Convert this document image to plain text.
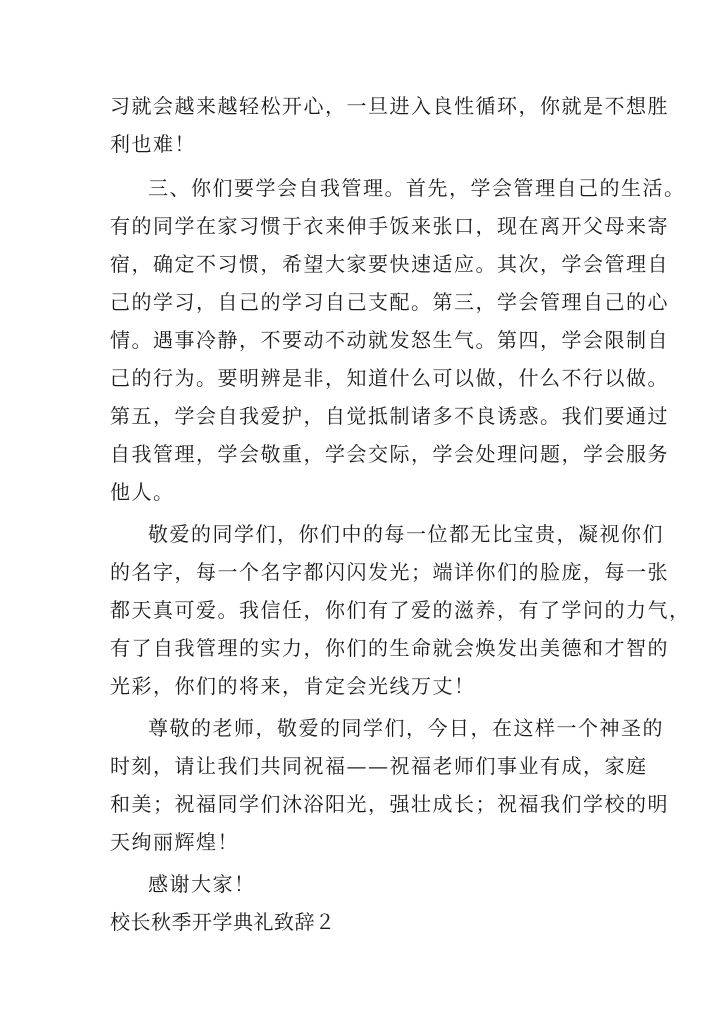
习就会越来越轻松开心，一旦进入良性循环，你就是不想胜
利也难！
三、你们要学会自我管理。首先，学会管理自己的生活。
有的同学在家习惯于衣来伸手饭来张口，现在离开父母来寄
宿，确定不习惯，希望大家要快速适应。其次，学会管理自
己的学习，自己的学习自己支配。第三，学会管理自己的心
情。遇事冷静，不要动不动就发怒生气。第四，学会限制自
己的行为。要明辨是非，知道什么可以做，什么不行以做。
第五，学会自我爱护，自觉抵制诸多不良诱惑。我们要通过
自我管理，学会敬重，学会交际，学会处理问题，学会服务
他人。
敬爱的同学们，你们中的每一位都无比宝贵，凝视你们
的名字，每一个名字都闪闪发光；端详你们的脸庞，每一张
都天真可爱。我信任，你们有了爱的滋养，有了学问的力气，
有了自我管理的实力，你们的生命就会焕发出美德和才智的
光彩，你们的将来，肯定会光线万丈！
尊敬的老师，敬爱的同学们，今日，在这样一个神圣的
时刻，请让我们共同祝福——祝福老师们事业有成，家庭
和美；祝福同学们沐浴阳光，强壮成长；祝福我们学校的明
天绚丽辉煌！
感谢大家！
校长秋季开学典礼致辞２
